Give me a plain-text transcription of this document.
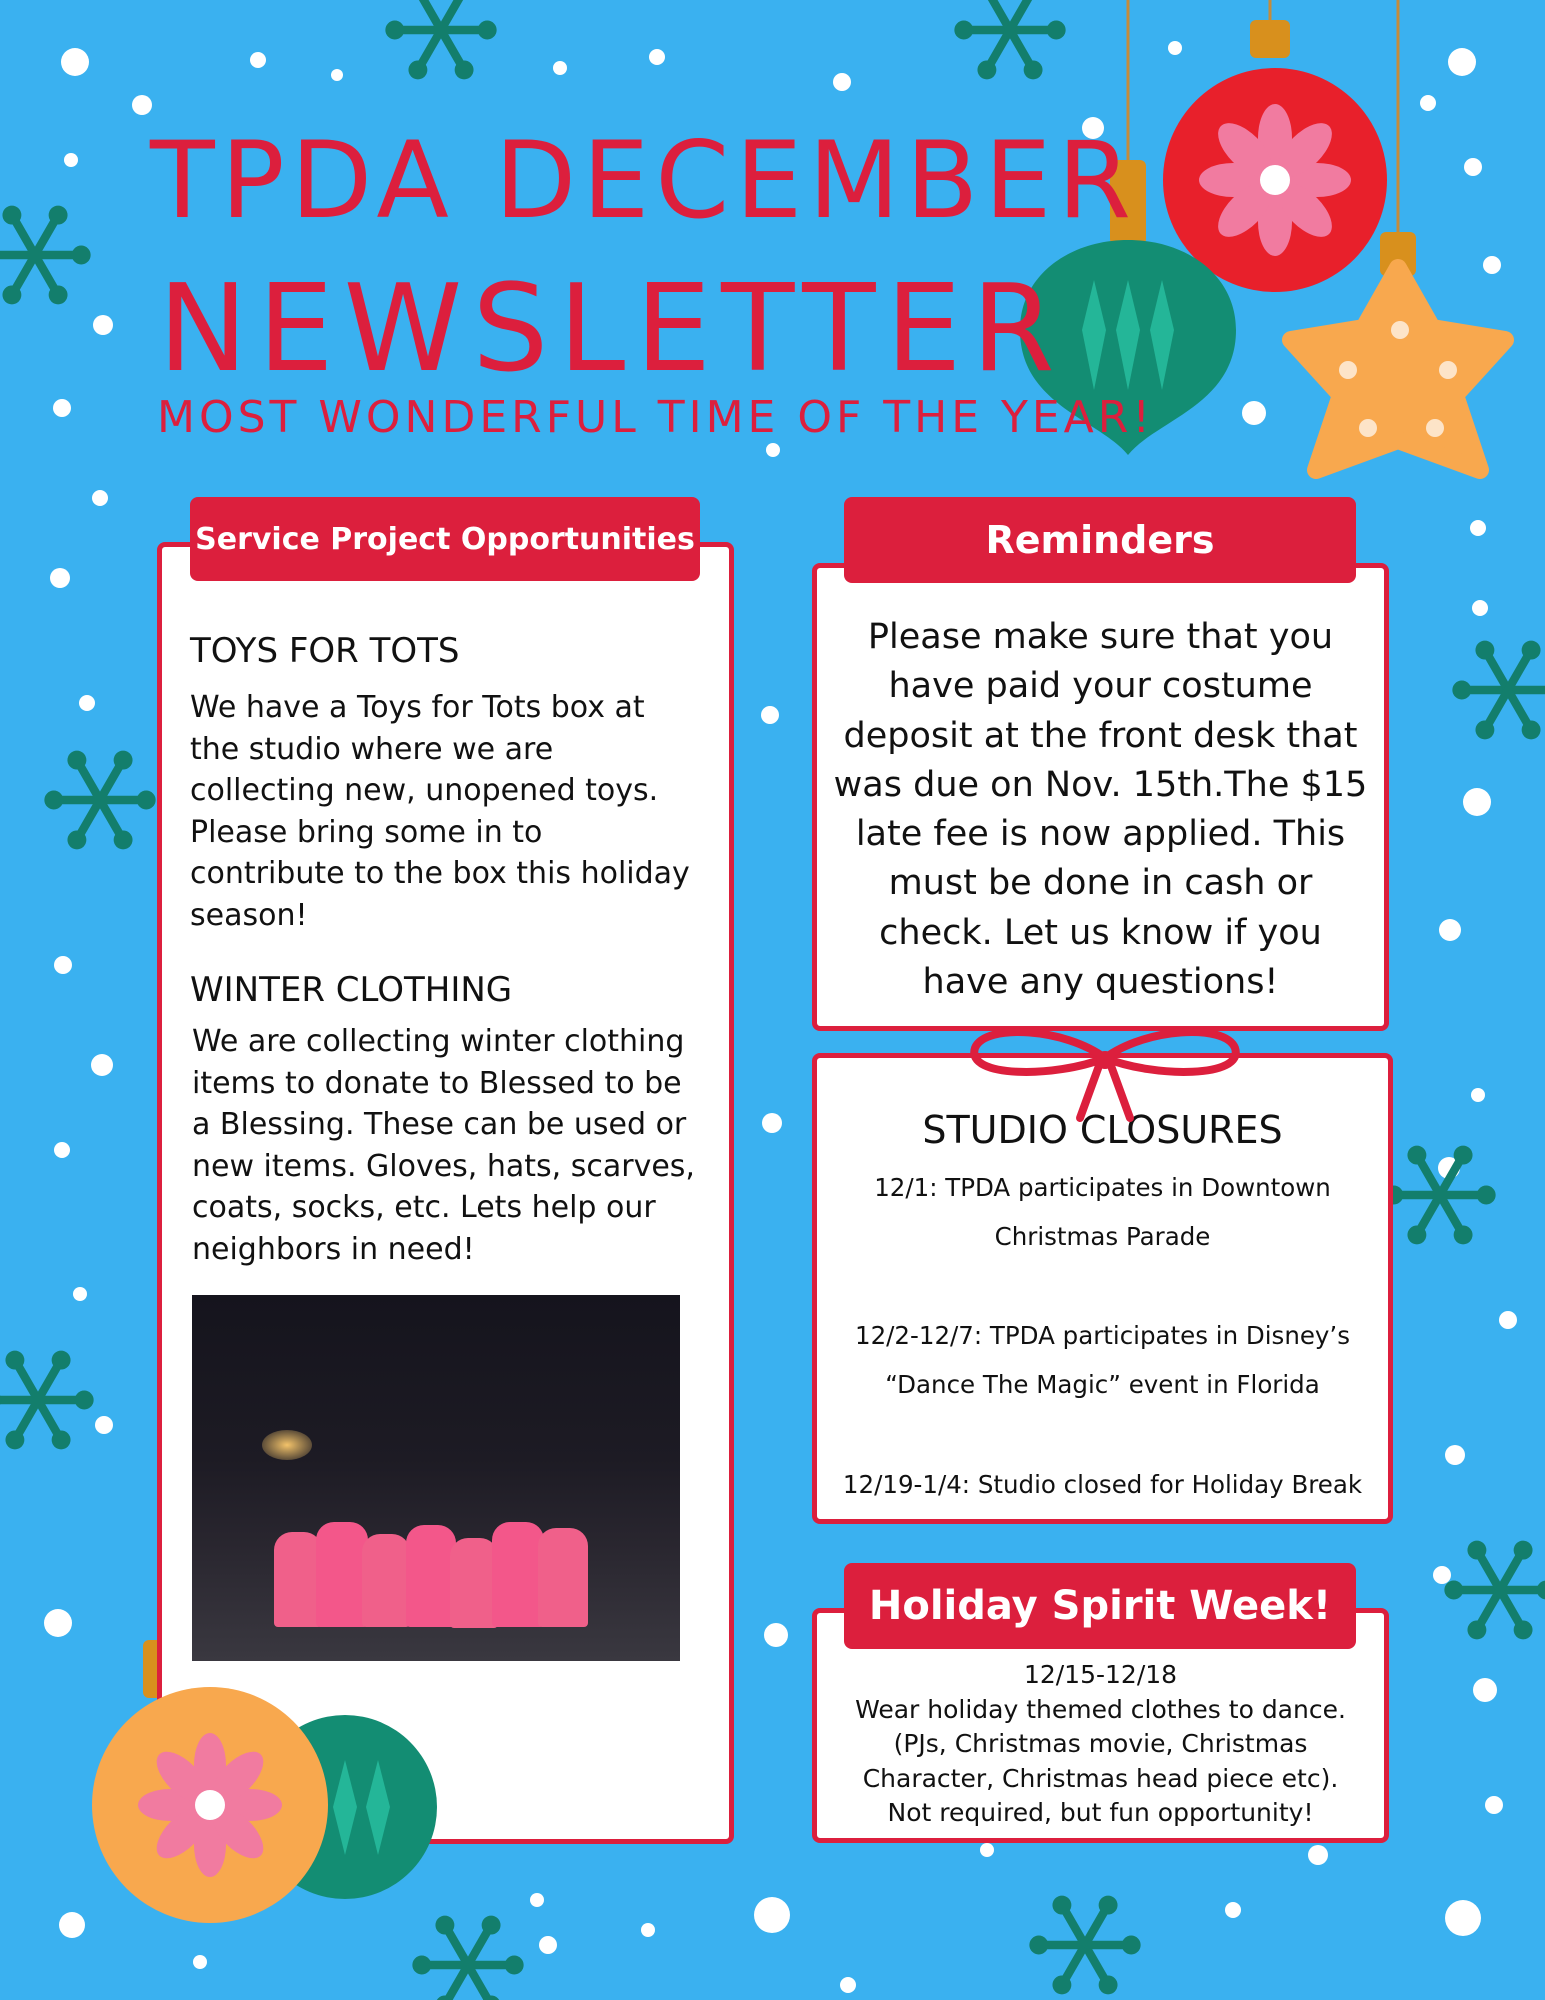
TPDA DECEMBER
NEWSLETTER
MOST WONDERFUL TIME OF THE YEAR!
TOYS FOR TOTS
We have a Toys for Tots box at
the studio where we are
collecting new, unopened toys.
Please bring some in to
contribute to the box this holiday
season!
WINTER CLOTHING
We are collecting winter clothing
items to donate to Blessed to be
a Blessing. These can be used or
new items. Gloves, hats, scarves,
coats, socks, etc. Lets help our
neighbors in need!
Service Project Opportunities
Please make sure that you
have paid your costume
deposit at the front desk that
was due on Nov. 15th.The $15
late fee is now applied. This
must be done in cash or
check. Let us know if you
have any questions!
Reminders
STUDIO CLOSURES
12/1: TPDA participates in Downtown
Christmas Parade
12/2-12/7: TPDA participates in Disney’s
“Dance The Magic” event in Florida
12/19-1/4: Studio closed for Holiday Break
12/15-12/18
Wear holiday themed clothes to dance.
(PJs, Christmas movie, Christmas
Character, Christmas head piece etc).
Not required, but fun opportunity!
Holiday Spirit Week!
